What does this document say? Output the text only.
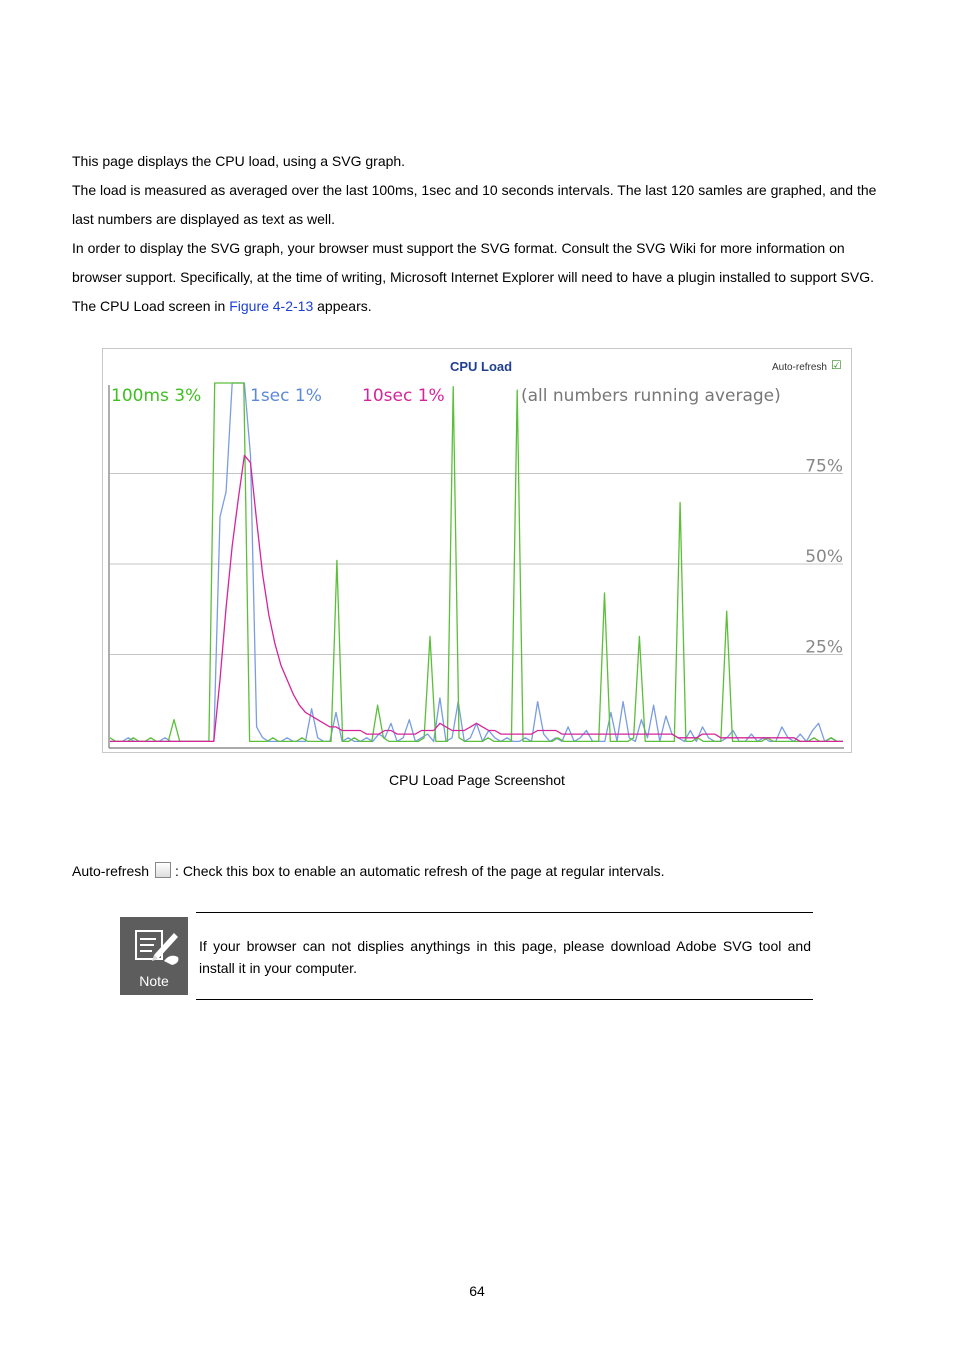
This page displays the CPU load, using a SVG graph.

The load is measured as averaged over the last 100ms, 1sec and 10 seconds intervals. The last 120 samles are graphed, and the last numbers are displayed as text as well.

In order to display the SVG graph, your browser must support the SVG format. Consult the SVG Wiki for more information on browser support. Specifically, at the time of writing, Microsoft Internet Explorer will need to have a plugin installed to support SVG. The CPU Load screen in Figure 4-2-13 appears.

CPU Load	Auto-refresh ☑
75%
50%
25%
100ms 3%	1sec 1% 10sec 1%	(all numbers running average)
CPU Load Page Screenshot
Auto-refresh : Check this box to enable an automatic refresh of the page at regular intervals.
Note
If your browser can not displies anythings in this page, please download Adobe SVG tool and install it in your computer.
64
